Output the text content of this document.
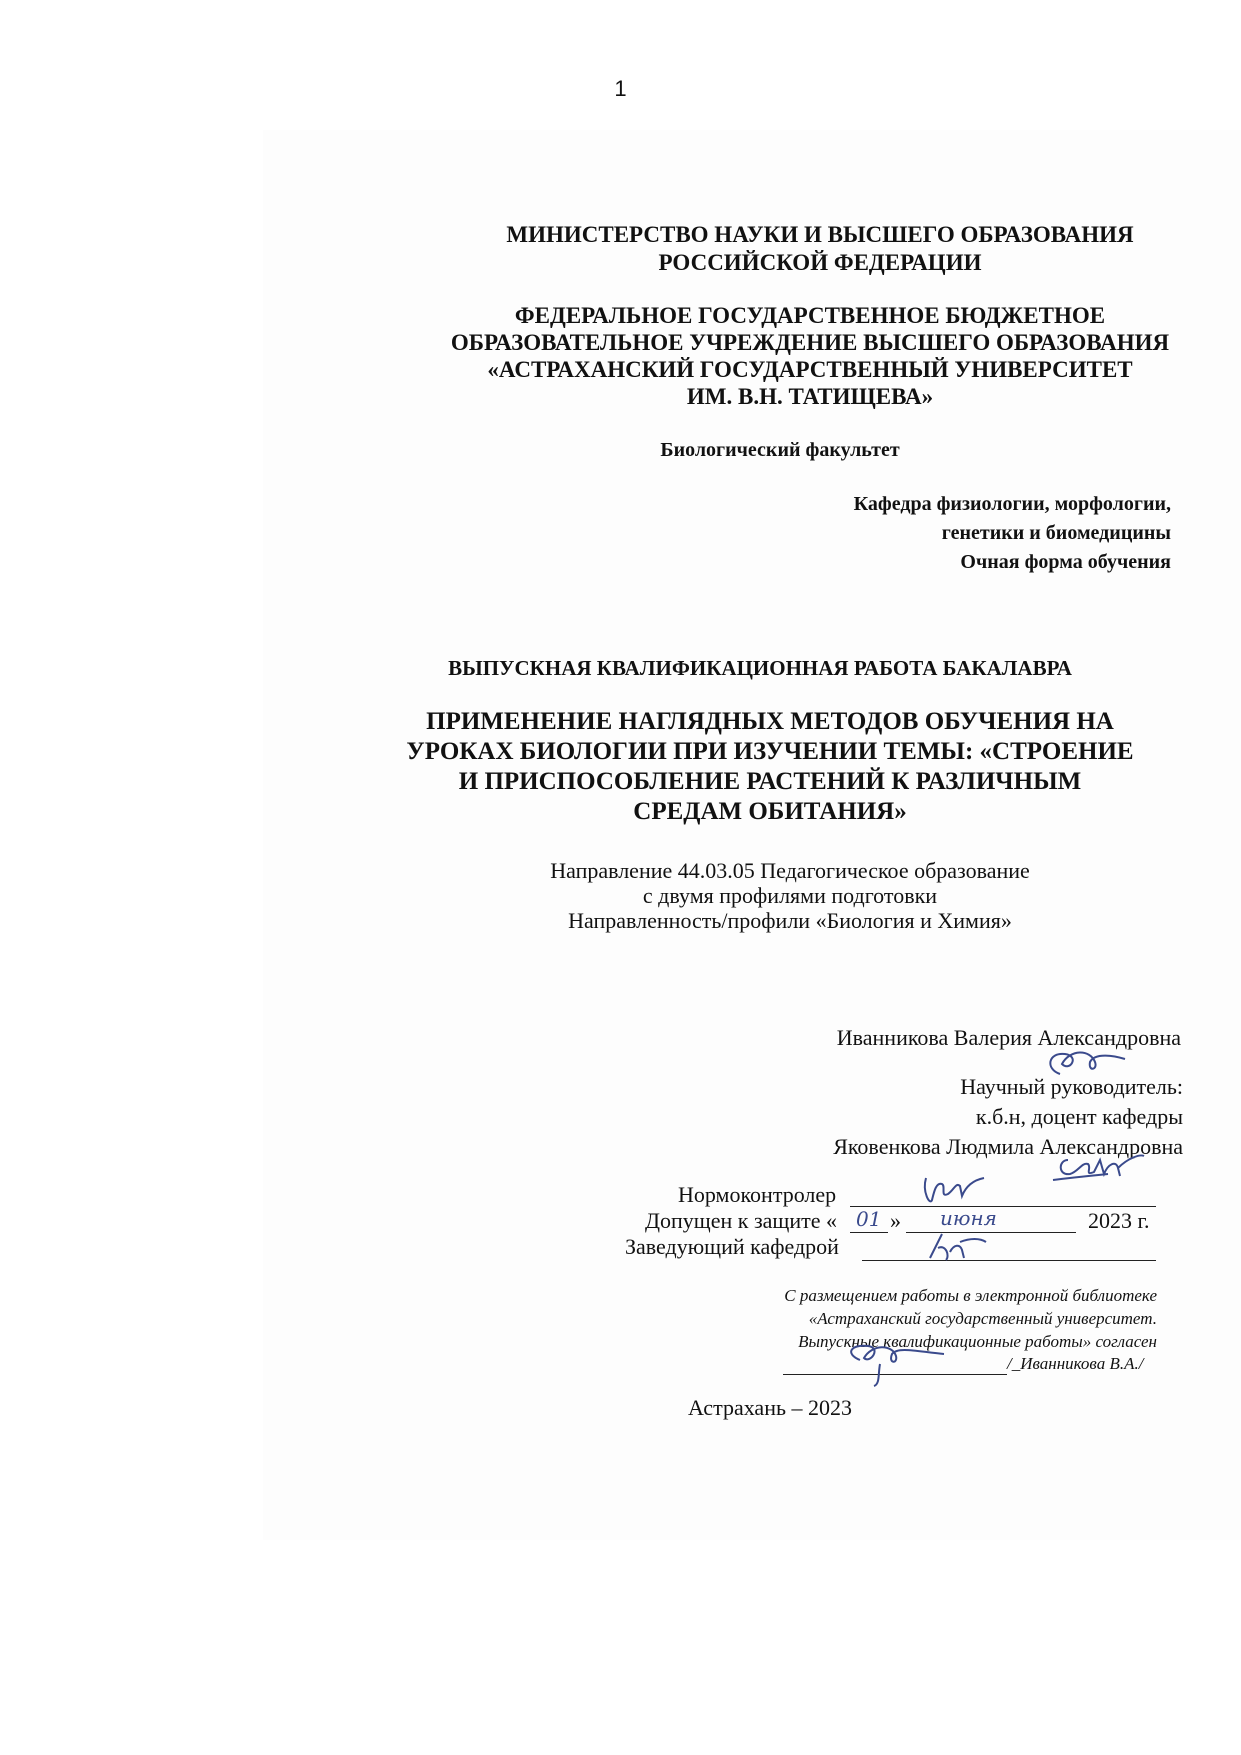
1
МИНИСТЕРСТВО НАУКИ И ВЫСШЕГО ОБРАЗОВАНИЯ
РОССИЙСКОЙ ФЕДЕРАЦИИ
ФЕДЕРАЛЬНОЕ ГОСУДАРСТВЕННОЕ БЮДЖЕТНОЕ
ОБРАЗОВАТЕЛЬНОЕ УЧРЕЖДЕНИЕ ВЫСШЕГО ОБРАЗОВАНИЯ
«АСТРАХАНСКИЙ ГОСУДАРСТВЕННЫЙ УНИВЕРСИТЕТ
ИМ. В.Н. ТАТИЩЕВА»
Биологический факультет
Кафедра физиологии, морфологии,
генетики и биомедицины
Очная форма обучения
ВЫПУСКНАЯ КВАЛИФИКАЦИОННАЯ РАБОТА БАКАЛАВРА
ПРИМЕНЕНИЕ НАГЛЯДНЫХ МЕТОДОВ ОБУЧЕНИЯ НА
УРОКАХ БИОЛОГИИ ПРИ ИЗУЧЕНИИ ТЕМЫ: «СТРОЕНИЕ
И ПРИСПОСОБЛЕНИЕ РАСТЕНИЙ К РАЗЛИЧНЫМ
СРЕДАМ ОБИТАНИЯ»
Направление 44.03.05 Педагогическое образование
с двумя профилями подготовки
Направленность/профили «Биология и Химия»
Иванникова Валерия Александровна
Научный руководитель:
к.б.н, доцент кафедры
Яковенкова Людмила Александровна
Нормоконтролер
Допущен к защите « 01 » июня	2023 г.
Заведующий кафедрой
С размещением работы в электронной библиотеке
«Астраханский государственный университет.
Выпускные квалификационные работы» согласен
/_Иванникова В.А./
Астрахань – 2023
